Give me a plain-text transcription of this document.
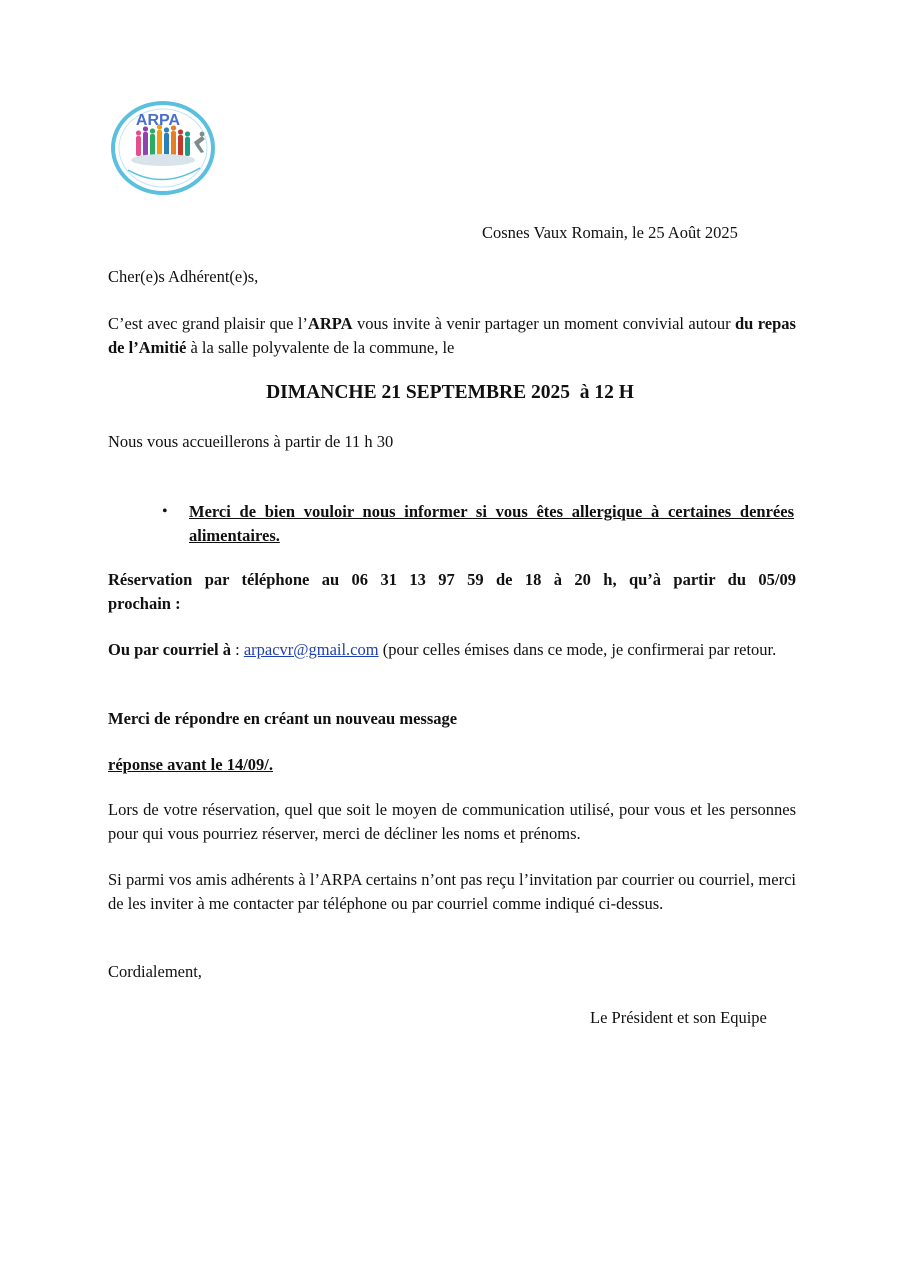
ARPA
Cosnes Vaux Romain, le 25 Août 2025
Cher(e)s Adhérent(e)s,
C’est avec grand plaisir que l’ARPA vous invite à venir partager un moment convivial autour du repas de l’Amitié à la salle polyvalente de la commune, le
DIMANCHE 21 SEPTEMBRE 2025  à 12 H
Nous vous accueillerons à partir de 11 h 30
• Merci de bien vouloir nous informer si vous êtes allergique à certaines denrées alimentaires.
Réservation par téléphone au 06 31 13 97 59 de 18 à 20 h, qu’à partir du 05/09
prochain :
Ou par courriel à : arpacvr@gmail.com (pour celles émises dans ce mode, je confirmerai par retour.
Merci de répondre en créant un nouveau message
réponse avant le 14/09/.
Lors de votre réservation, quel que soit le moyen de communication utilisé, pour vous et les personnes pour qui vous pourriez réserver, merci de décliner les noms et prénoms.
Si parmi vos amis adhérents à l’ARPA certains n’ont pas reçu l’invitation par courrier ou courriel, merci de les inviter à me contacter par téléphone ou par courriel comme indiqué ci-dessus.
Cordialement,
Le Président et son Equipe
